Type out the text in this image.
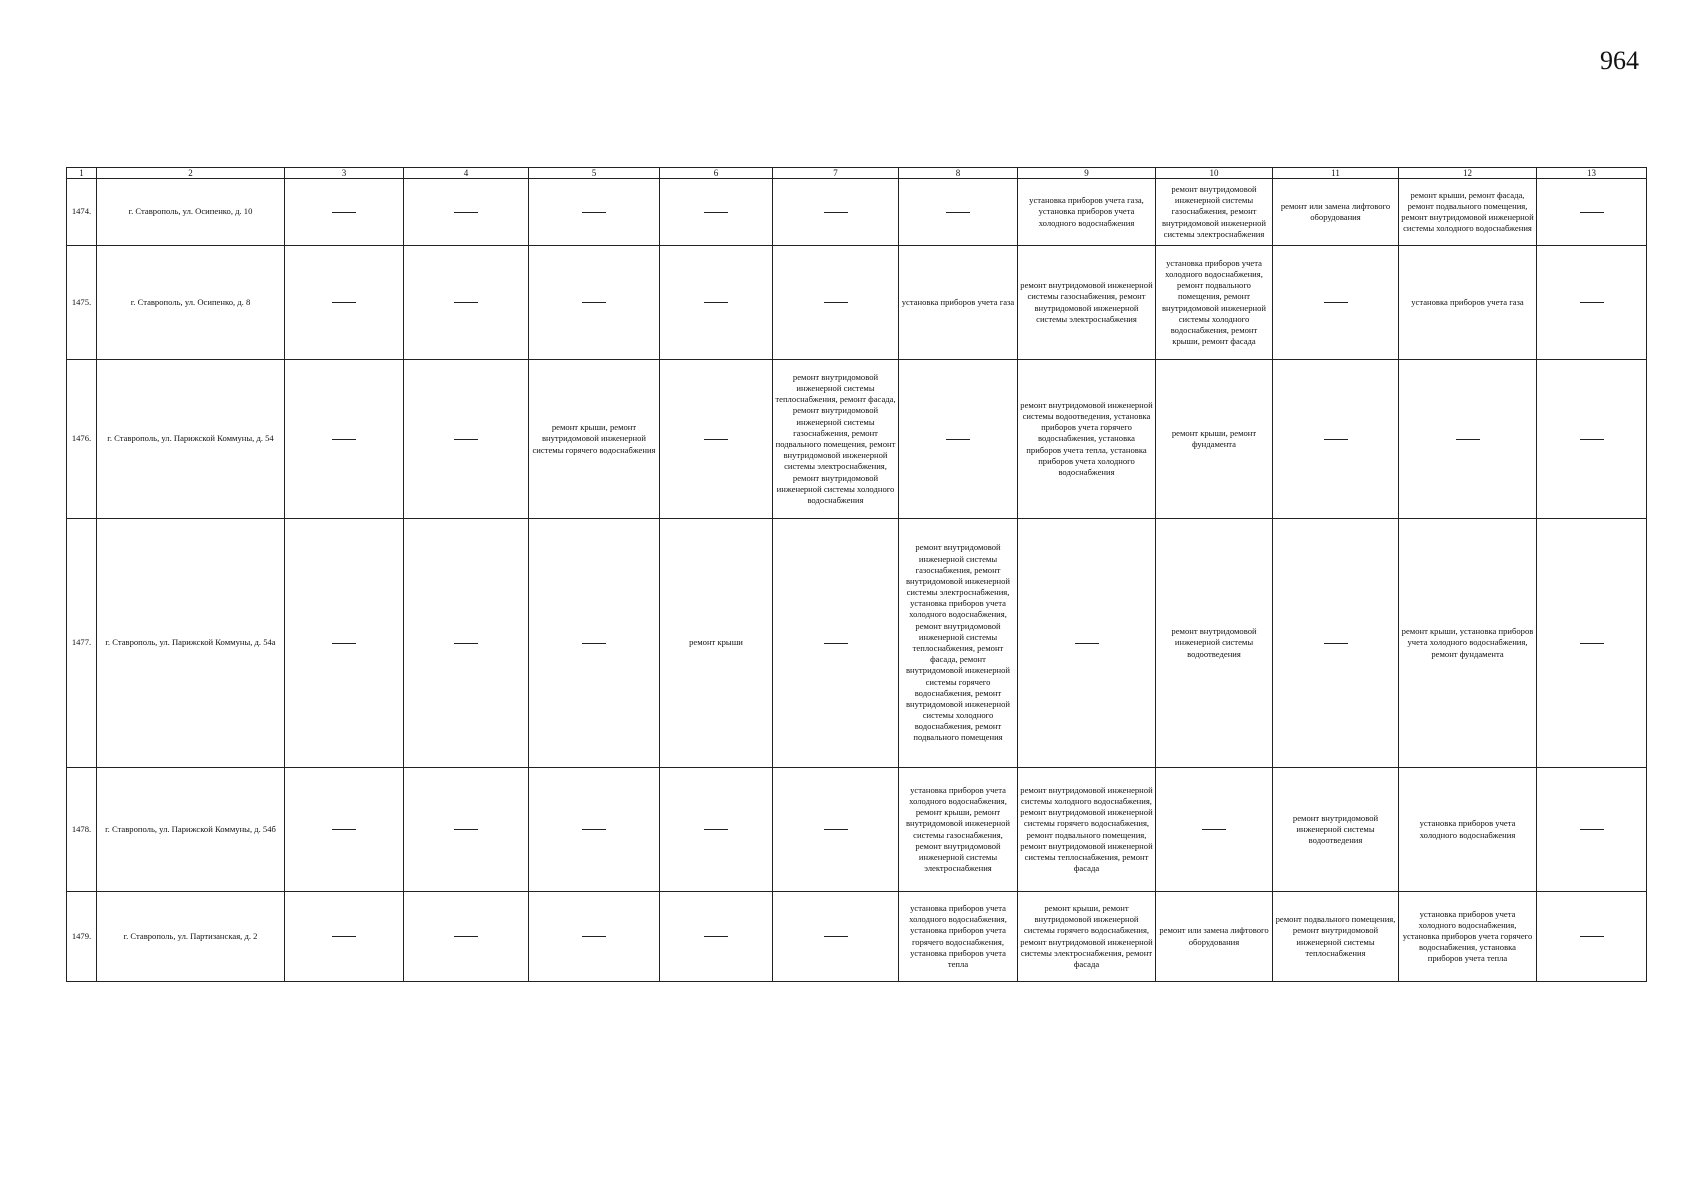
964
1	2	3	4	5	6	7	8	9	10	11	12	13
1474.	г. Ставрополь, ул. Осипенко, д. 10							установка приборов учета газа, установка приборов учета холодного водоснабжения	ремонт внутридомовой инженерной системы газоснабжения, ремонт внутридомовой инженерной системы электроснабжения	ремонт или замена лифтового оборудования	ремонт крыши, ремонт фасада, ремонт подвального помещения, ремонт внутридомовой инженерной системы холодного водоснабжения	
1475.	г. Ставрополь, ул. Осипенко, д. 8						установка приборов учета газа	ремонт внутридомовой инженерной системы газоснабжения, ремонт внутридомовой инженерной системы электроснабжения	установка приборов учета холодного водоснабжения, ремонт подвального помещения, ремонт внутридомовой инженерной системы холодного водоснабжения, ремонт крыши, ремонт фасада		установка приборов учета газа	
1476.	г. Ставрополь, ул. Парижской Коммуны, д. 54			ремонт крыши, ремонт внутридомовой инженерной системы горячего водоснабжения		ремонт внутридомовой инженерной системы теплоснабжения, ремонт фасада, ремонт внутридомовой инженерной системы газоснабжения, ремонт подвального помещения, ремонт внутридомовой инженерной системы электроснабжения, ремонт внутридомовой инженерной системы холодного водоснабжения		ремонт внутридомовой инженерной системы водоотведения, установка приборов учета горячего водоснабжения, установка приборов учета тепла, установка приборов учета холодного водоснабжения	ремонт крыши, ремонт фундамента			
1477.	г. Ставрополь, ул. Парижской Коммуны, д. 54а				ремонт крыши		ремонт внутридомовой инженерной системы газоснабжения, ремонт внутридомовой инженерной системы электроснабжения, установка приборов учета холодного водоснабжения, ремонт внутридомовой инженерной системы теплоснабжения, ремонт фасада, ремонт внутридомовой инженерной системы горячего водоснабжения, ремонт внутридомовой инженерной системы холодного водоснабжения, ремонт подвального помещения		ремонт внутридомовой инженерной системы водоотведения		ремонт крыши, установка приборов учета холодного водоснабжения, ремонт фундамента	
1478.	г. Ставрополь, ул. Парижской Коммуны, д. 54б						установка приборов учета холодного водоснабжения, ремонт крыши, ремонт внутридомовой инженерной системы газоснабжения, ремонт внутридомовой инженерной системы электроснабжения	ремонт внутридомовой инженерной системы холодного водоснабжения, ремонт внутридомовой инженерной системы горячего водоснабжения, ремонт подвального помещения, ремонт внутридомовой инженерной системы теплоснабжения, ремонт фасада		ремонт внутридомовой инженерной системы водоотведения	установка приборов учета холодного водоснабжения	
1479.	г. Ставрополь, ул. Партизанская, д. 2						установка приборов учета холодного водоснабжения, установка приборов учета горячего водоснабжения, установка приборов учета тепла	ремонт крыши, ремонт внутридомовой инженерной системы горячего водоснабжения, ремонт внутридомовой инженерной системы электроснабжения, ремонт фасада	ремонт или замена лифтового оборудования	ремонт подвального помещения, ремонт внутридомовой инженерной системы теплоснабжения	установка приборов учета холодного водоснабжения, установка приборов учета горячего водоснабжения, установка приборов учета тепла	
